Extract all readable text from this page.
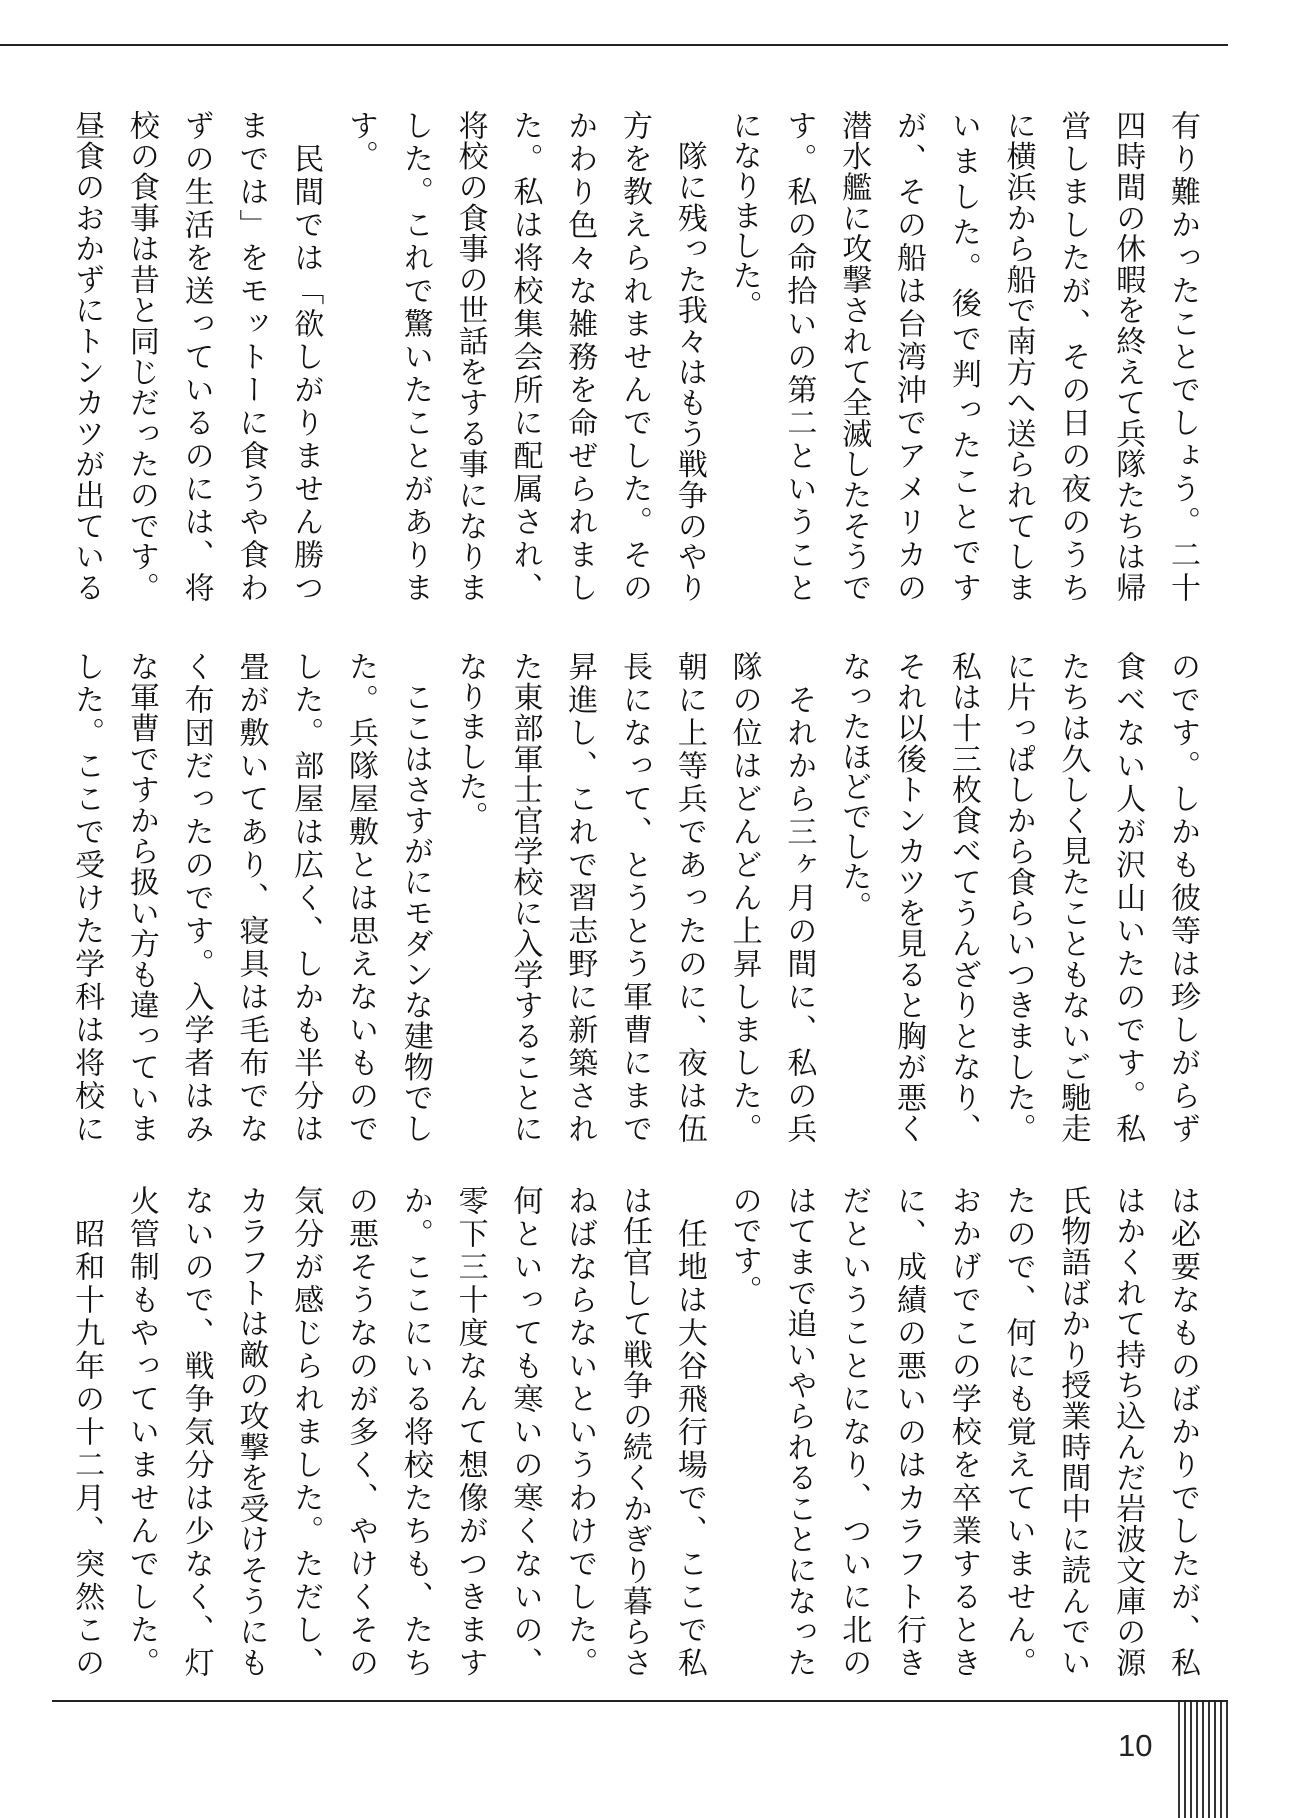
有り難かったことでしょう。二十
四時間の休暇を終えて兵隊たちは帰
営しましたが、その日の夜のうち
に横浜から船で南方へ送られてしま
いました。後で判ったことです
が、その船は台湾沖でアメリカの
潜水艦に攻撃されて全滅したそうで
す。私の命拾いの第二ということ
になりました。
　隊に残った我々はもう戦争のやり
方を教えられませんでした。その
かわり色々な雑務を命ぜられまし
た。私は将校集会所に配属され、
将校の食事の世話をする事になりま
した。これで驚いたことがありま
す。
　民間では「欲しがりません勝つ
までは」をモットーに食うや食わ
ずの生活を送っているのには、将
校の食事は昔と同じだったのです。
昼食のおかずにトンカツが出ている
のです。しかも彼等は珍しがらず
食べない人が沢山いたのです。私
たちは久しく見たこともないご馳走
に片っぱしから食らいつきました。
私は十三枚食べてうんざりとなり、
それ以後トンカツを見ると胸が悪く
なったほどでした。
　それから三ヶ月の間に、私の兵
隊の位はどんどん上昇しました。
朝に上等兵であったのに、夜は伍
長になって、とうとう軍曹にまで
昇進し、これで習志野に新築され
た東部軍士官学校に入学することに
なりました。
　ここはさすがにモダンな建物でし
た。兵隊屋敷とは思えないもので
した。部屋は広く、しかも半分は
畳が敷いてあり、寝具は毛布でな
く布団だったのです。入学者はみ
な軍曹ですから扱い方も違っていま
した。ここで受けた学科は将校に
は必要なものばかりでしたが、私
はかくれて持ち込んだ岩波文庫の源
氏物語ばかり授業時間中に読んでい
たので、何にも覚えていません。
おかげでこの学校を卒業するとき
に、成績の悪いのはカラフト行き
だということになり、ついに北の
はてまで追いやられることになった
のです。
　任地は大谷飛行場で、ここで私
は任官して戦争の続くかぎり暮らさ
ねばならないというわけでした。
何といっても寒いの寒くないの、
零下三十度なんて想像がつきます
か。ここにいる将校たちも、たち
の悪そうなのが多く、やけくその
気分が感じられました。ただし、
カラフトは敵の攻撃を受けそうにも
ないので、戦争気分は少なく、灯
火管制もやっていませんでした。
　昭和十九年の十二月、突然この
10
